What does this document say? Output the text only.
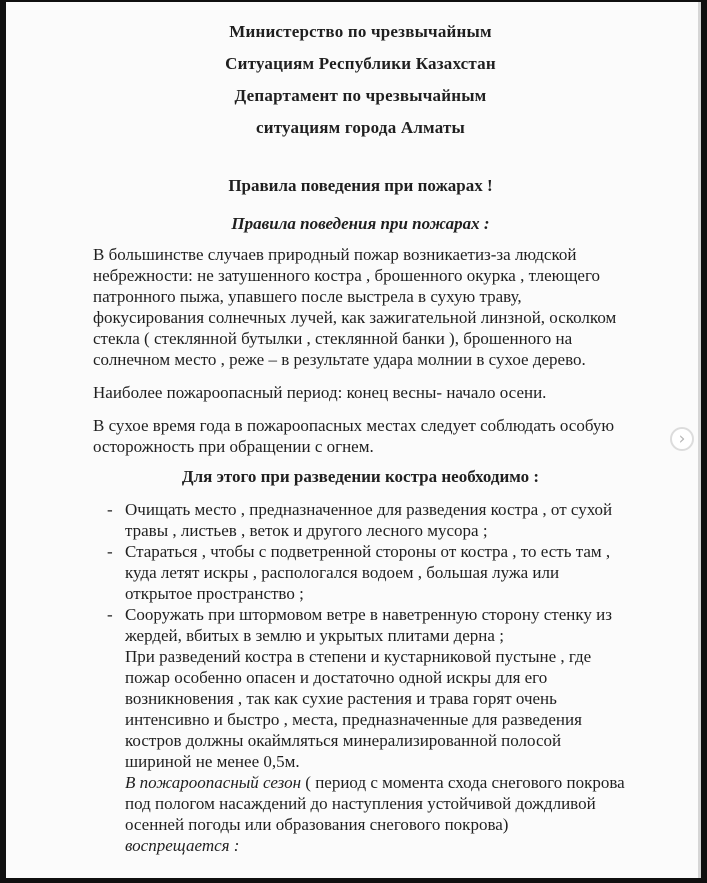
Министерство по чрезвычайным
Ситуациям Республики Казахстан
Департамент по чрезвычайным
ситуациям города Алматы
Правила поведения при пожарах !
Правила поведения при пожарах :
В большинстве случаев природный пожар возникаетиз-за людской небрежности: не затушенного костра , брошенного окурка , тлеющего патронного пыжа, упавшего после выстрела в сухую траву, фокусирования солнечных лучей, как зажигательной линзной, осколком стекла ( стеклянной бутылки , стеклянной банки ), брошенного на солнечном место , реже – в результате удара молнии в сухое дерево.
Наиболее пожароопасный период: конец весны- начало осени.
В сухое время года в пожароопасных местах следует соблюдать особую осторожность при обращении с огнем.
Для этого при разведении костра необходимо :
- Очищать место , предназначенное для разведения костра , от сухой травы , листьев , веток и другого лесного мусора ;
- Стараться , чтобы с подветренной стороны от костра , то есть там , куда летят искры , распологался водоем , большая лужа или открытое пространство ;
- Сооружать при штормовом ветре в наветренную сторону стенку из жердей, вбитых в землю и укрытых плитами дерна ;
При разведений костра в степени и кустарниковой пустыне , где пожар особенно опасен и достаточно одной искры для его возникновения , так как сухие растения и трава горят очень интенсивно и быстро , места, предназначенные для разведения костров должны окаймляться минерализированной полосой шириной не менее 0,5м.
В пожароопасный сезон ( период с момента схода снегового покрова под пологом насаждений до наступления устойчивой дождливой осенней погоды или образования снегового покрова)
воспрещается :
›
